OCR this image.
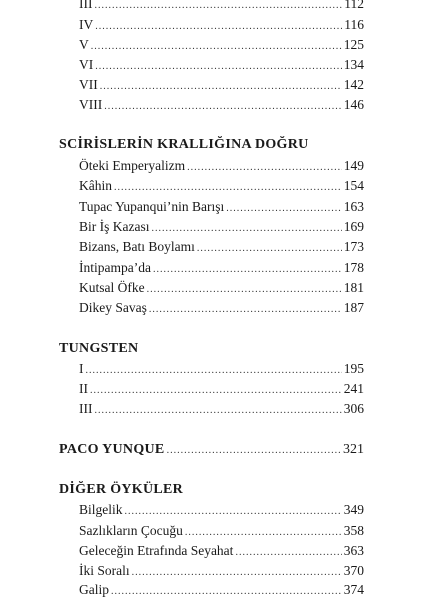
III .....	112
IV .....	116
V .....	125
VI .....	134
VII .....	142
VIII .....	146
SCİRİSLERİN KRALLIĞINA DOĞRU
Öteki Emperyalizm .....	149
Kâhin .....	154
Tupac Yupanqui’nin Barışı .....	163
Bir İş Kazası .....	169
Bizans, Batı Boylamı .....	173
İntipampa’da .....	178
Kutsal Öfke .....	181
Dikey Savaş .....	187
TUNGSTEN
I .....	195
II .....	241
III .....	306
PACO YUNQUE .....	321
DİĞER ÖYKÜLER
Bilgelik .....	349
Sazlıkların Çocuğu .....	358
Geleceğin Etrafında Seyahat .....	363
İki Soralı .....	370
Galip .....	374
